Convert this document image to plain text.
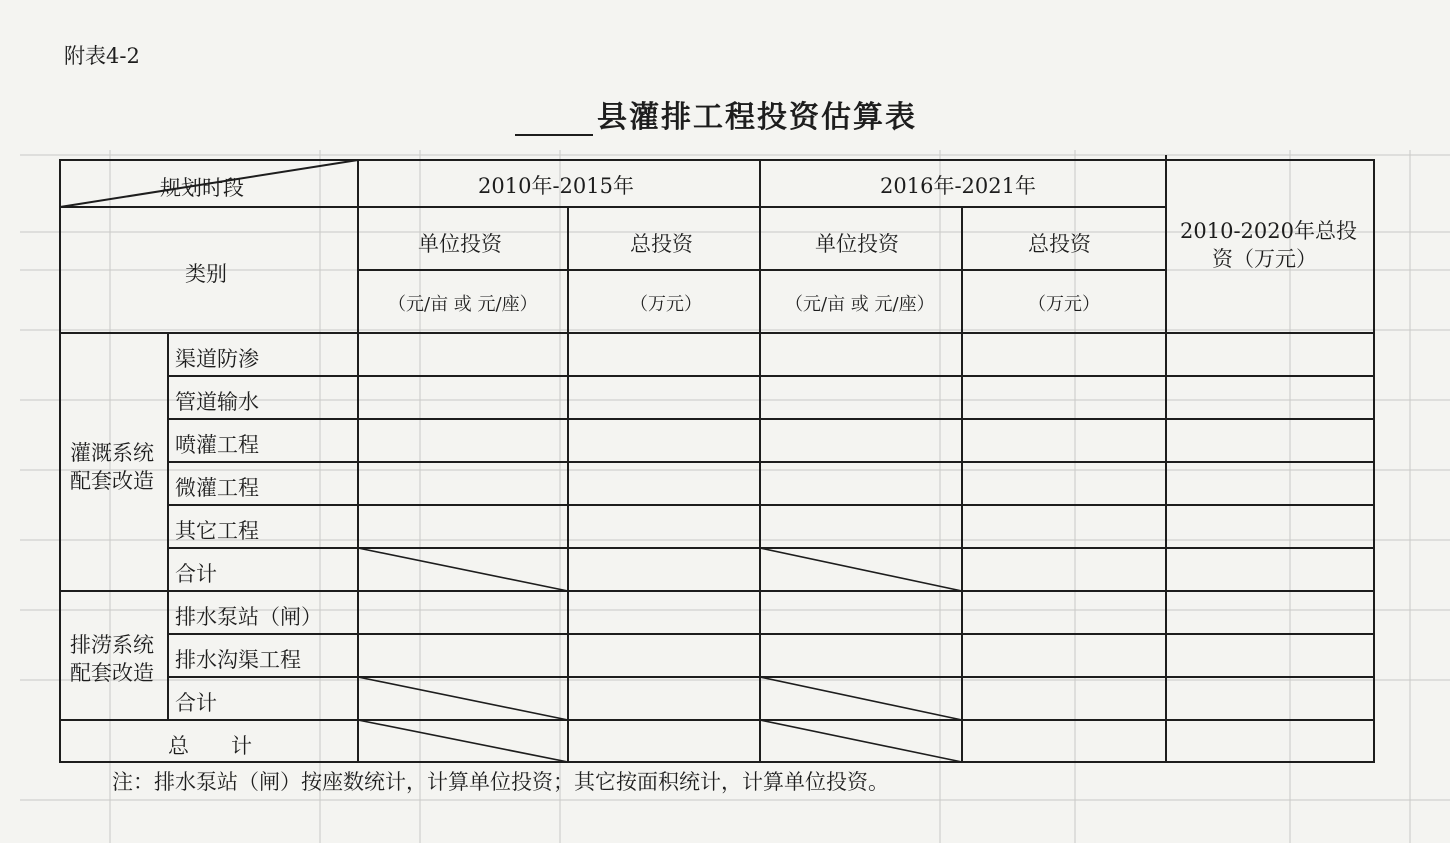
附表4-2
县灌排工程投资估算表
规划时段
类别
2010年-2015年	2016年-2021年
2010-2020年总投
资（万元）
单位投资
（元/亩 或 元/座）
总投资
（万元）
单位投资
（元/亩 或 元/座）
总投资
（万元）
灌溉系统
配套改造
渠道防渗
管道输水
喷灌工程
微灌工程
其它工程
合计
排涝系统
配套改造
排水泵站（闸）
排水沟渠工程
合计
总　　计
注：排水泵站（闸）按座数统计，计算单位投资；其它按面积统计，计算单位投资。
